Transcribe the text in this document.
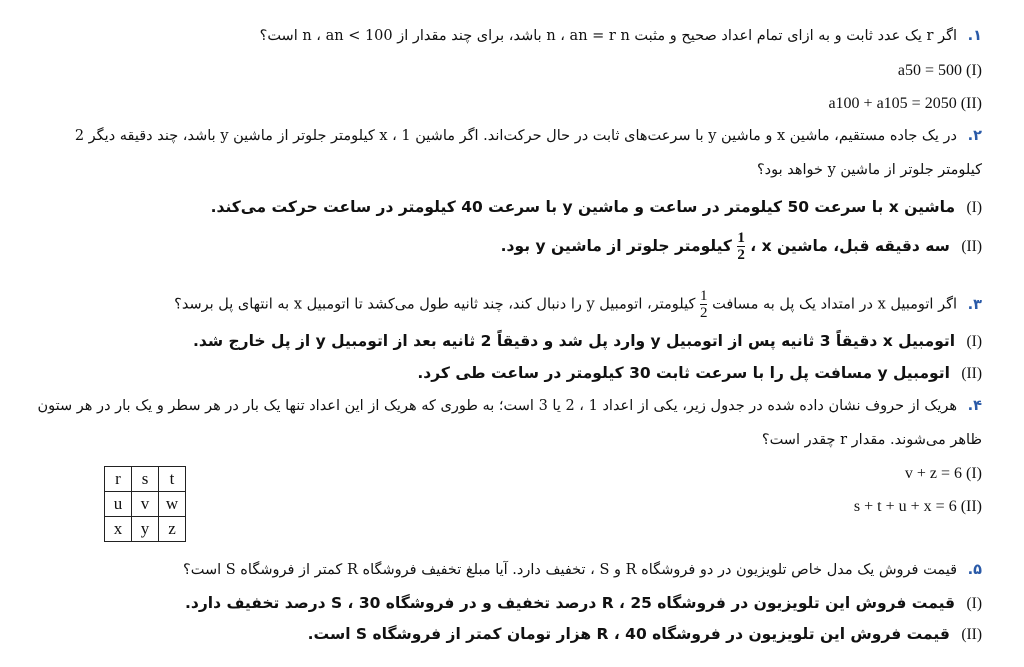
۱. اگر r یک عدد ثابت و به ازای تمام اعداد صحیح و مثبت n ، an = r n باشد، برای چند مقدار از n ، an < 100 است؟
a50 = 500 (I)
a100 + a105 = 2050 (II)
۲. در یک جاده مستقیم، ماشین x و ماشین y با سرعت‌های ثابت در حال حرکت‌اند. اگر ماشین x ، 1 کیلومتر جلوتر از ماشین y باشد، چند دقیقه دیگر 2
کیلومتر جلوتر از ماشین y خواهد بود؟
(I) ماشین x با سرعت 50 کیلومتر در ساعت و ماشین y با سرعت 40 کیلومتر در ساعت حرکت می‌کند.
(II) سه دقیقه قبل، ماشین x ،
$\frac{1}{2}$
کیلومتر جلوتر از ماشین y بود.
۳. اگر اتومبیل x در امتداد یک پل به مسافت
$\frac{1}{2}$
کیلومتر، اتومبیل y را دنبال کند، چند ثانیه طول می‌کشد تا اتومبیل x به انتهای پل برسد؟
(I) اتومبیل x دقیقاً 3 ثانیه پس از اتومبیل y وارد پل شد و دقیقاً 2 ثانیه بعد از اتومبیل y از پل خارج شد.
(II) اتومبیل y مسافت پل را با سرعت ثابت 30 کیلومتر در ساعت طی کرد.
۴. هریک از حروف نشان داده شده در جدول زیر، یکی از اعداد 1 ، 2 یا 3 است؛ به طوری که هریک از این اعداد تنها یک بار در هر سطر و یک بار در هر ستون
ظاهر می‌شوند. مقدار r چقدر است؟
v + z = 6 (I)
s + t + u + x = 6 (II)
r	s	t
u	v	w
x	y	z
۵. قیمت فروش یک مدل خاص تلویزیون در دو فروشگاه R و S ، تخفیف دارد. آیا مبلغ تخفیف فروشگاه R کمتر از فروشگاه S است؟
(I) قیمت فروش این تلویزیون در فروشگاه R ، 25 درصد تخفیف و در فروشگاه S ، 30 درصد تخفیف دارد.
(II) قیمت فروش این تلویزیون در فروشگاه R ، 40 هزار تومان کمتر از فروشگاه S است.
